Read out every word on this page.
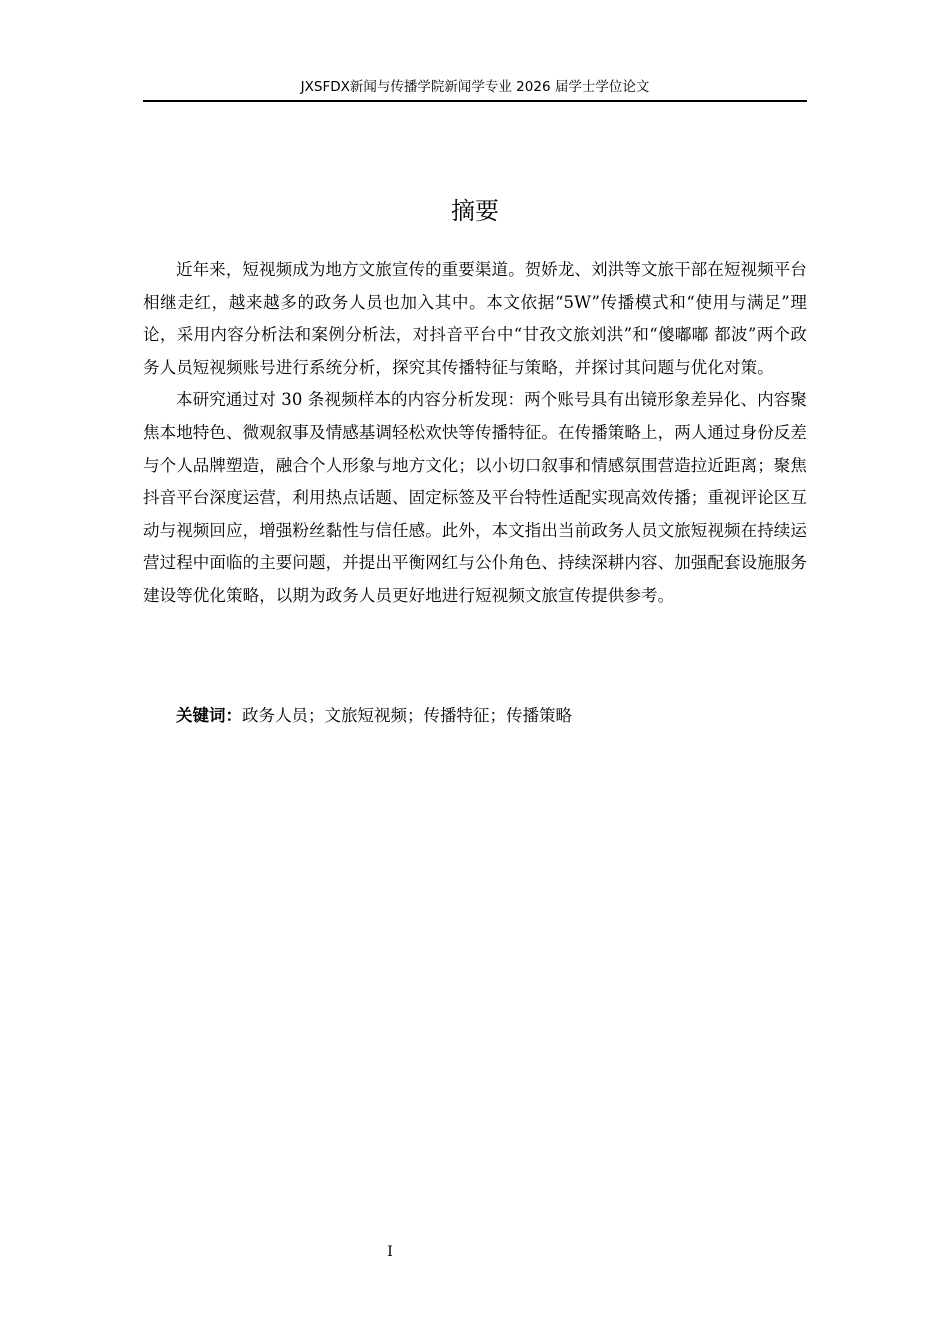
JXSFDX新闻与传播学院新闻学专业 2026 届学士学位论文
摘要

近年来，短视频成为地方文旅宣传的重要渠道。贺娇龙、刘洪等文旅干部在短视频平台相继走红，越来越多的政务人员也加入其中。本文依据“5W”传播模式和“使用与满足”理论，采用内容分析法和案例分析法，对抖音平台中“甘孜文旅刘洪”和“傻嘟嘟 都波”两个政务人员短视频账号进行系统分析，探究其传播特征与策略，并探讨其问题与优化对策。

本研究通过对 30 条视频样本的内容分析发现：两个账号具有出镜形象差异化、内容聚焦本地特色、微观叙事及情感基调轻松欢快等传播特征。在传播策略上，两人通过身份反差与个人品牌塑造，融合个人形象与地方文化；以小切口叙事和情感氛围营造拉近距离；聚焦抖音平台深度运营，利用热点话题、固定标签及平台特性适配实现高效传播；重视评论区互动与视频回应，增强粉丝黏性与信任感。此外，本文指出当前政务人员文旅短视频在持续运营过程中面临的主要问题，并提出平衡网红与公仆角色、持续深耕内容、加强配套设施服务建设等优化策略，以期为政务人员更好地进行短视频文旅宣传提供参考。

关键词：政务人员；文旅短视频；传播特征；传播策略
I
